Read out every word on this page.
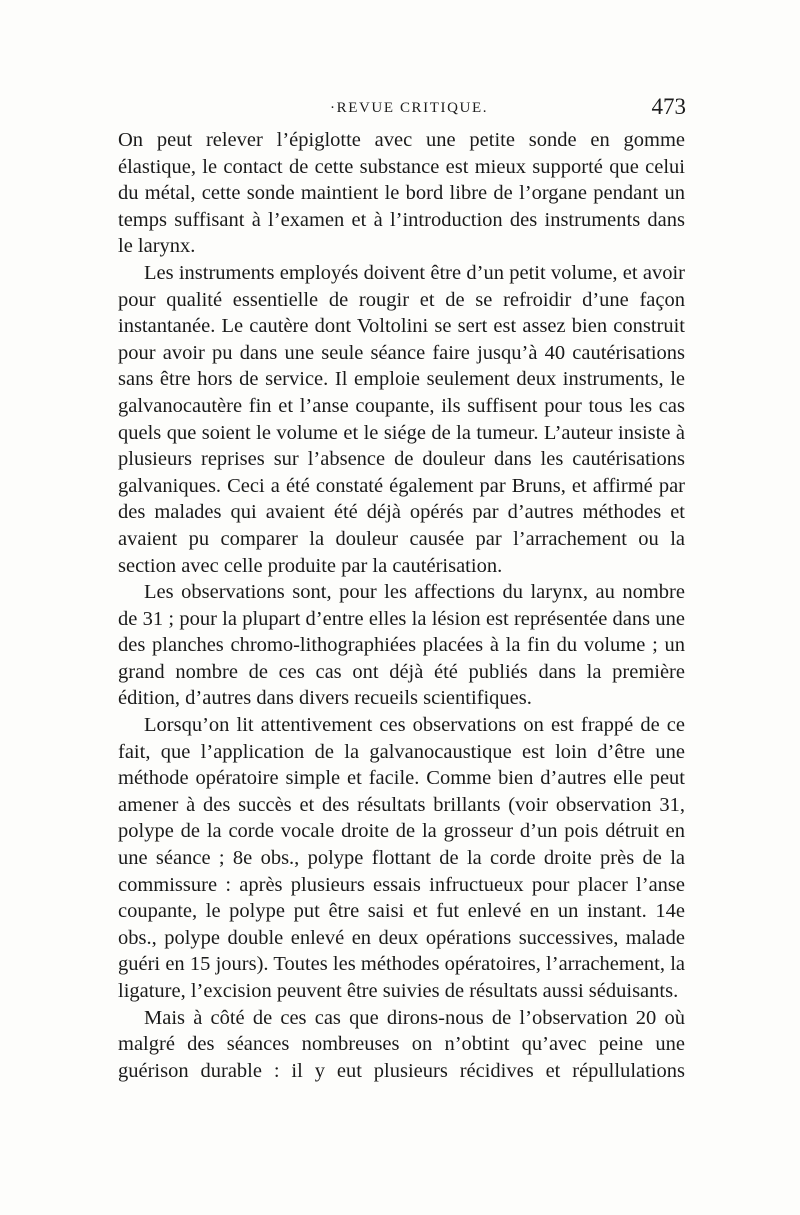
·REVUE CRITIQUE.	473

On peut relever l’épiglotte avec une petite sonde en gomme élastique, le contact de cette substance est mieux supporté que celui du métal, cette sonde maintient le bord libre de l’organe pendant un temps suffisant à l’examen et à l’introduction des instruments dans le larynx.

Les instruments employés doivent être d’un petit volume, et avoir pour qualité essentielle de rougir et de se refroidir d’une façon instantanée. Le cautère dont Voltolini se sert est assez bien construit pour avoir pu dans une seule séance faire jusqu’à 40 cautérisations sans être hors de service. Il emploie seulement deux instruments, le galvanocautère fin et l’anse coupante, ils suffisent pour tous les cas quels que soient le volume et le siége de la tumeur. L’auteur insiste à plusieurs reprises sur l’absence de douleur dans les cautérisations galvaniques. Ceci a été constaté également par Bruns, et affirmé par des malades qui avaient été déjà opérés par d’autres méthodes et avaient pu comparer la douleur causée par l’arrachement ou la section avec celle produite par la cautérisation.

Les observations sont, pour les affections du larynx, au nombre de 31 ; pour la plupart d’entre elles la lésion est représentée dans une des planches chromo-lithographiées placées à la fin du volume ; un grand nombre de ces cas ont déjà été publiés dans la première édition, d’autres dans divers recueils scientifiques.

Lorsqu’on lit attentivement ces observations on est frappé de ce fait, que l’application de la galvanocaustique est loin d’être une méthode opératoire simple et facile. Comme bien d’autres elle peut amener à des succès et des résultats brillants (voir observation 31, polype de la corde vocale droite de la grosseur d’un pois détruit en une séance ; 8e obs., polype flottant de la corde droite près de la commissure : après plusieurs essais infructueux pour placer l’anse coupante, le polype put être saisi et fut enlevé en un instant. 14e obs., polype double enlevé en deux opérations successives, malade guéri en 15 jours). Toutes les méthodes opératoires, l’arrachement, la ligature, l’excision peuvent être suivies de résultats aussi séduisants.

Mais à côté de ces cas que dirons-nous de l’observation 20 où malgré des séances nombreuses on n’obtint qu’avec peine une guérison durable : il y eut plusieurs récidives et répullulations
